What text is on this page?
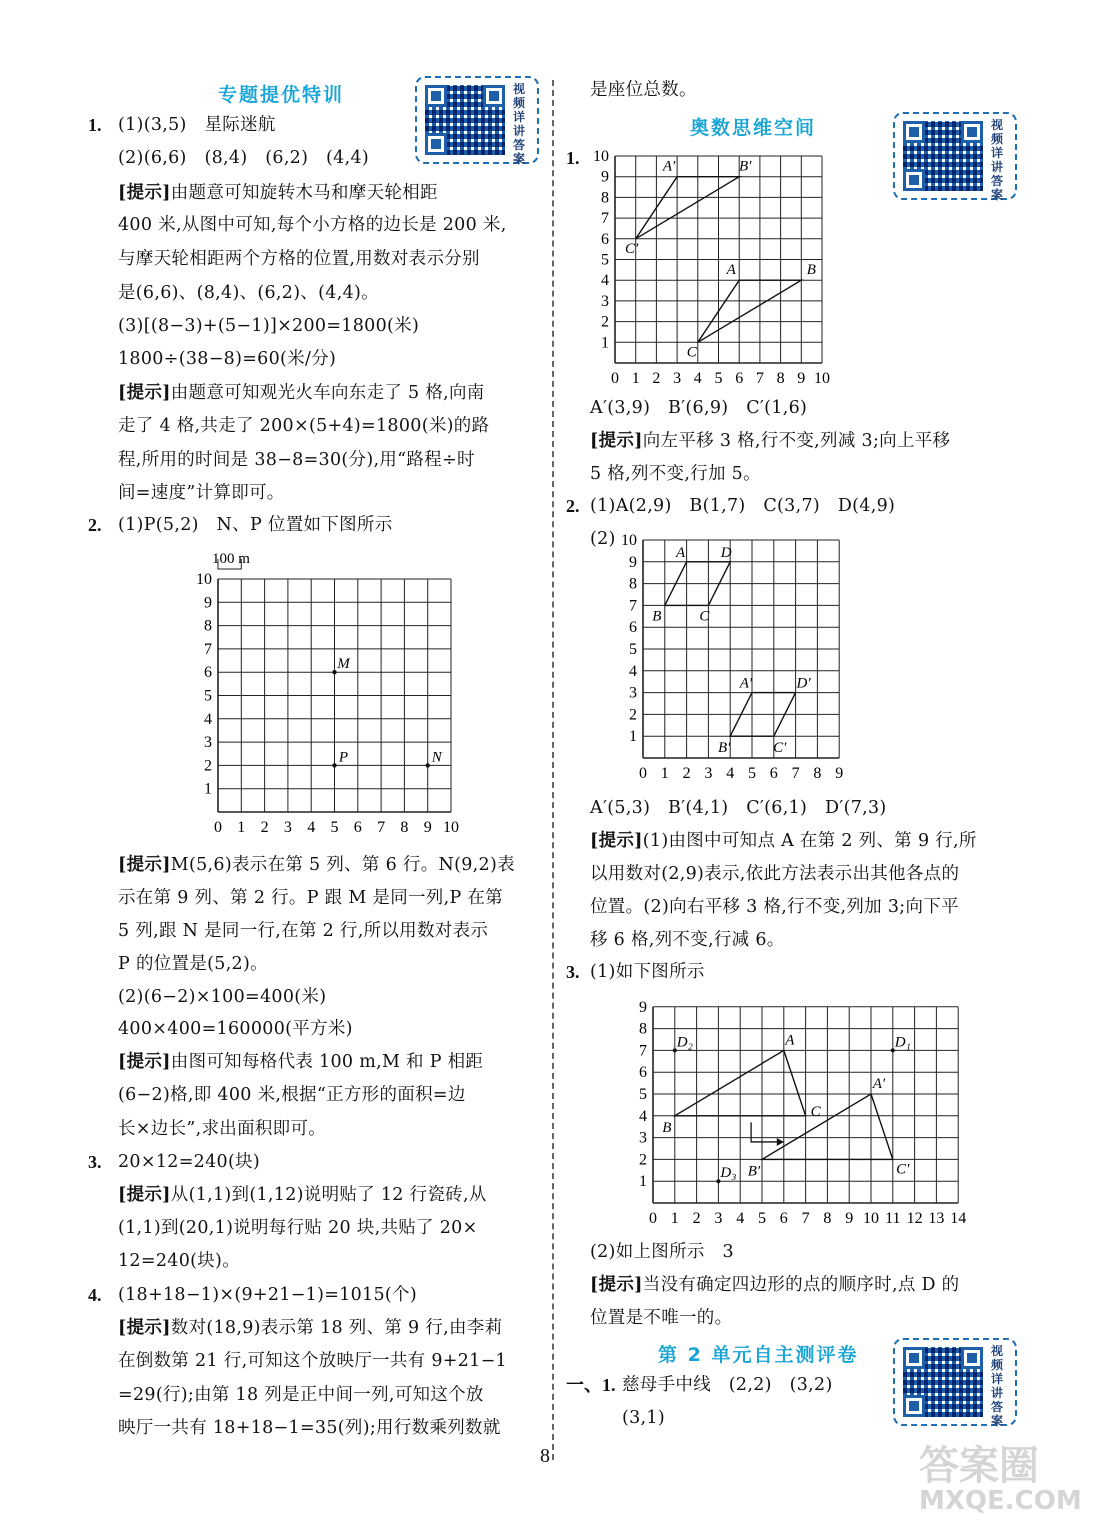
专题提优特训	视频详讲答案
1. (1)(3,5)　星际迷航
(2)(6,6)　(8,4)　(6,2)　(4,4)
[提示]由题意可知旋转木马和摩天轮相距
400 米,从图中可知,每个小方格的边长是 200 米,
与摩天轮相距两个方格的位置,用数对表示分别
是(6,6)、(8,4)、(6,2)、(4,4)。
(3)[(8−3)+(5−1)]×200=1800(米)
1800÷(38−8)=60(米/分)
[提示]由题意可知观光火车向东走了 5 格,向南
走了 4 格,共走了 200×(5+4)=1800(米)的路
程,所用的时间是 38−8=30(分),用“路程÷时
间=速度”计算即可。
2. (1)P(5,2)　N、P 位置如下图所示
0 1 2 3 4 5 6 7 8 9 10
1
2
3
4
5
6
7
8
9
10
100 m
M
P	N
[提示]M(5,6)表示在第 5 列、第 6 行。N(9,2)表
示在第 9 列、第 2 行。P 跟 M 是同一列,P 在第
5 列,跟 N 是同一行,在第 2 行,所以用数对表示
P 的位置是(5,2)。
(2)(6−2)×100=400(米)
400×400=160000(平方米)
[提示]由图可知每格代表 100 m,M 和 P 相距
(6−2)格,即 400 米,根据“正方形的面积=边
长×边长”,求出面积即可。
3. 20×12=240(块)
[提示]从(1,1)到(1,12)说明贴了 12 行瓷砖,从
(1,1)到(20,1)说明每行贴 20 块,共贴了 20×
12=240(块)。
4. (18+18−1)×(9+21−1)=1015(个)
[提示]数对(18,9)表示第 18 列、第 9 行,由李莉
在倒数第 21 行,可知这个放映厅一共有 9+21−1
=29(行);由第 18 列是正中间一列,可知这个放
映厅一共有 18+18−1=35(列);用行数乘列数就
是座位总数。
奥数思维空间	视频详讲答案
1.
0 1 2 3 4 5 6 7 8 9 10
1
2
3
4
5
6
7
8
9
10
A	B
C
A′	B′
C′
A′(3,9)　B′(6,9)　C′(1,6)
[提示]向左平移 3 格,行不变,列减 3;向上平移
5 格,列不变,行加 5。
2. (1)A(2,9)　B(1,7)　C(3,7)　D(4,9)
(2)
0 1 2 3 4 5 6 7 8 9
1
2
3
4
5
6
7
8
9
10
A D
C
B
A′	D′
C′
B′
A′(5,3)　B′(4,1)　C′(6,1)　D′(7,3)
[提示](1)由图中可知点 A 在第 2 列、第 9 行,所
以用数对(2,9)表示,依此方法表示出其他各点的
位置。(2)向右平移 3 格,行不变,列加 3;向下平
移 6 格,列不变,行减 6。
3. (1)如下图所示
0 1 2 3 4 5 6 7 8 9 10 11 12 13 14
1
2
3
4
5
6
7
8
9
A
C
B
A′
C′
B′
D₁
D₂
D₃
(2)如上图所示　3
[提示]当没有确定四边形的点的顺序时,点 D 的
位置是不唯一的。
第 2 单元自主测评卷	视频详讲答案
一、1. 慈母手中线　(2,2)　(3,2)
(3,1)
8	答案圈
MXQE.COM
